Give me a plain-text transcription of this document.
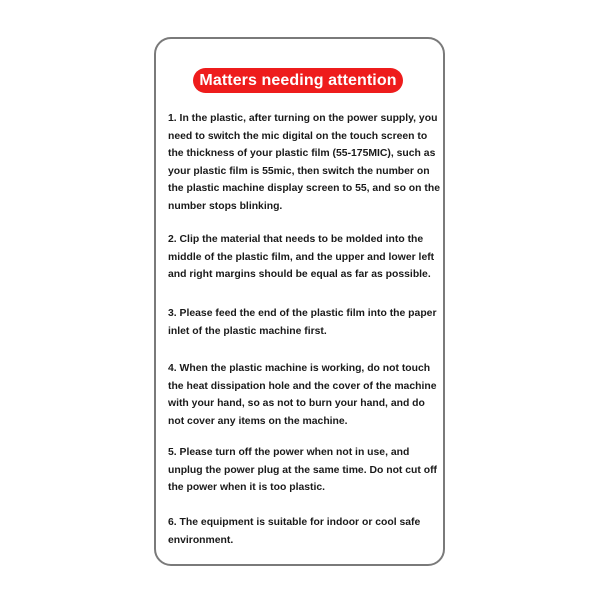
Matters needing attention

1. In the plastic, after turning on the power supply, you need to switch the mic digital on the touch screen to the thickness of your plastic film (55-175MIC), such as your plastic film is 55mic, then switch the number on the plastic machine display screen to 55, and so on the number stops blinking.

2. Clip the material that needs to be molded into the middle of the plastic film, and the upper and lower left and right margins should be equal as far as possible.

3. Please feed the end of the plastic film into the paper inlet of the plastic machine first.

4. When the plastic machine is working, do not touch the heat dissipation hole and the cover of the machine with your hand, so as not to burn your hand, and do not cover any items on the machine.

5. Please turn off the power when not in use, and unplug the power plug at the same time. Do not cut off the power when it is too plastic.

6. The equipment is suitable for indoor or cool safe environment.
